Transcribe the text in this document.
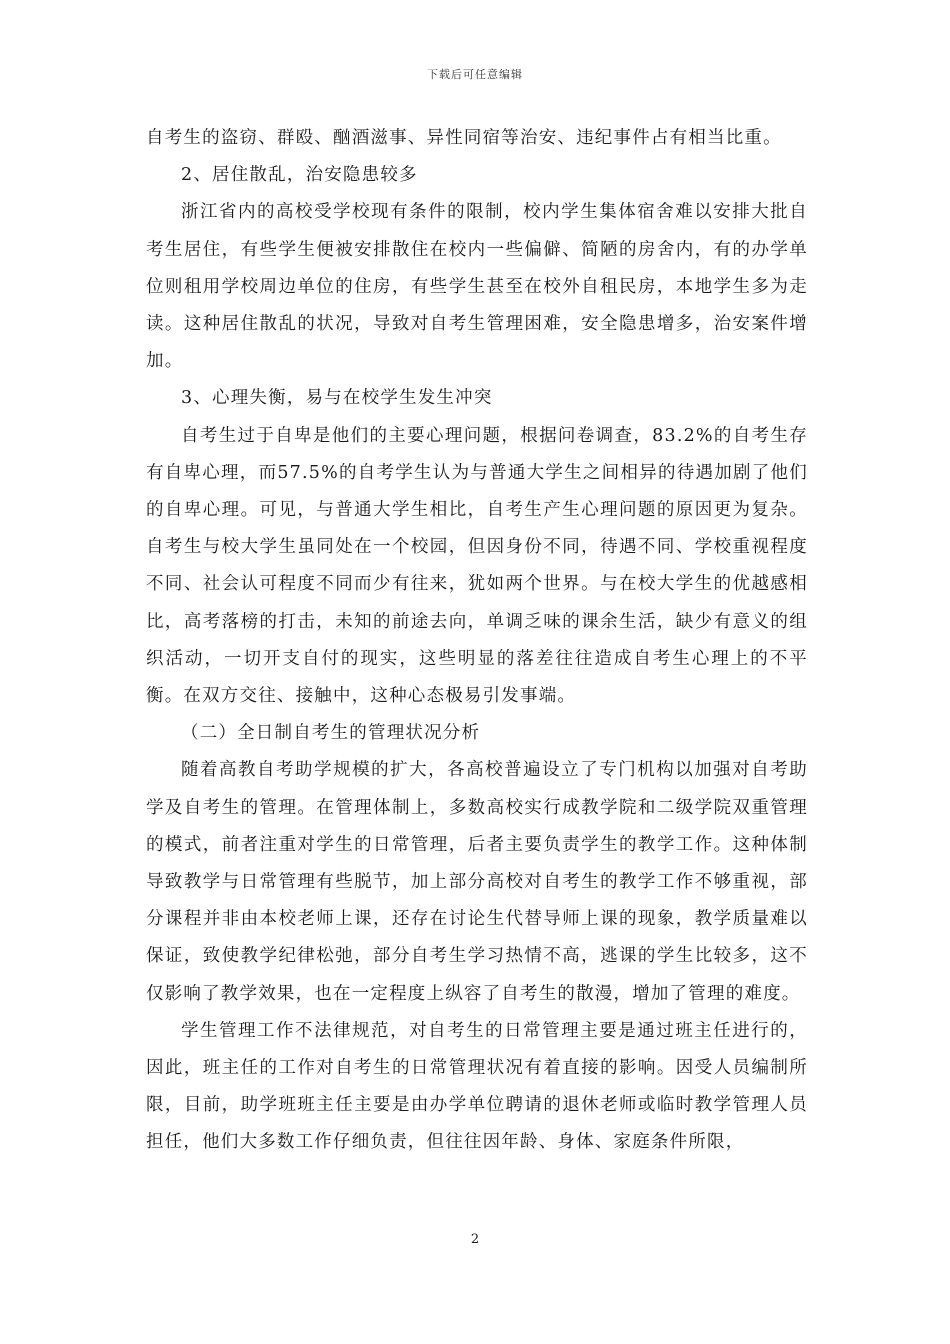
下载后可任意编辑

自考生的盗窃、群殴、酗酒滋事、异性同宿等治安、违纪事件占有相当比重。

2、居住散乱，治安隐患较多

浙江省内的高校受学校现有条件的限制，校内学生集体宿舍难以安排大批自考生居住，有些学生便被安排散住在校内一些偏僻、简陋的房舍内，有的办学单位则租用学校周边单位的住房，有些学生甚至在校外自租民房，本地学生多为走读。这种居住散乱的状况，导致对自考生管理困难，安全隐患增多，治安案件增加。

3、心理失衡，易与在校学生发生冲突

自考生过于自卑是他们的主要心理问题，根据问卷调查，83.2%的自考生存有自卑心理，而57.5%的自考学生认为与普通大学生之间相异的待遇加剧了他们的自卑心理。可见，与普通大学生相比，自考生产生心理问题的原因更为复杂。自考生与校大学生虽同处在一个校园，但因身份不同，待遇不同、学校重视程度不同、社会认可程度不同而少有往来，犹如两个世界。与在校大学生的优越感相比，高考落榜的打击，未知的前途去向，单调乏味的课余生活，缺少有意义的组织活动，一切开支自付的现实，这些明显的落差往往造成自考生心理上的不平衡。在双方交往、接触中，这种心态极易引发事端。

（二）全日制自考生的管理状况分析

随着高教自考助学规模的扩大，各高校普遍设立了专门机构以加强对自考助学及自考生的管理。在管理体制上，多数高校实行成教学院和二级学院双重管理的模式，前者注重对学生的日常管理，后者主要负责学生的教学工作。这种体制导致教学与日常管理有些脱节，加上部分高校对自考生的教学工作不够重视，部分课程并非由本校老师上课，还存在讨论生代替导师上课的现象，教学质量难以保证，致使教学纪律松弛，部分自考生学习热情不高，逃课的学生比较多，这不仅影响了教学效果，也在一定程度上纵容了自考生的散漫，增加了管理的难度。

学生管理工作不法律规范，对自考生的日常管理主要是通过班主任进行的，因此，班主任的工作对自考生的日常管理状况有着直接的影响。因受人员编制所限，目前，助学班班主任主要是由办学单位聘请的退休老师或临时教学管理人员担任，他们大多数工作仔细负责，但往往因年龄、身体、家庭条件所限，

2
